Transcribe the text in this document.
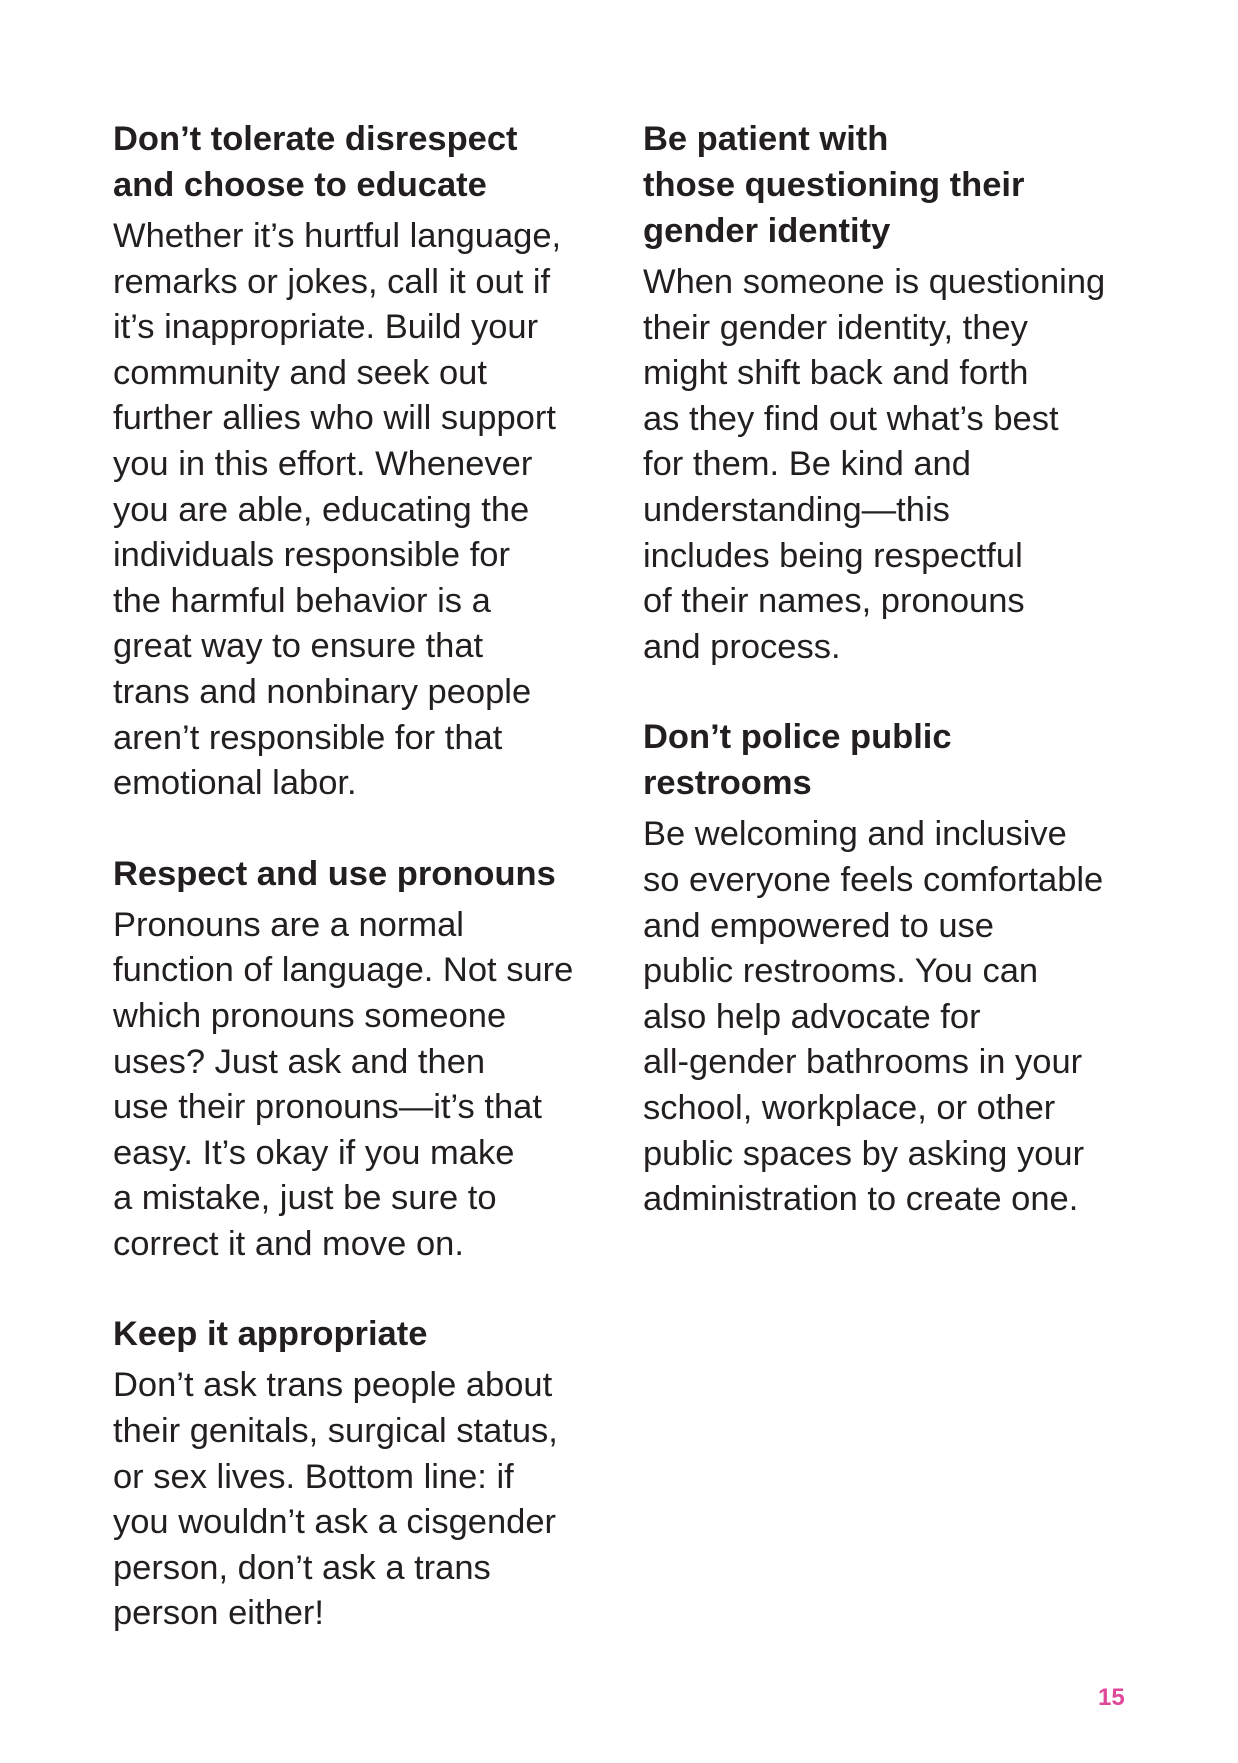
Don’t tolerate disrespect
and choose to educate

Whether it’s hurtful language,
remarks or jokes, call it out if
it’s inappropriate. Build your
community and seek out
further allies who will support
you in this effort. Whenever
you are able, educating the
individuals responsible for
the harmful behavior is a
great way to ensure that
trans and nonbinary people
aren’t responsible for that
emotional labor.

Respect and use pronouns

Pronouns are a normal
function of language. Not sure
which pronouns someone
uses? Just ask and then
use their pronouns—it’s that
easy. It’s okay if you make
a mistake, just be sure to
correct it and move on.

Keep it appropriate

Don’t ask trans people about
their genitals, surgical status,
or sex lives. Bottom line: if
you wouldn’t ask a cisgender
person, don’t ask a trans
person either!

Be patient with
those questioning their
gender identity

When someone is questioning
their gender identity, they
might shift back and forth
as they find out what’s best
for them. Be kind and
understanding—this
includes being respectful
of their names, pronouns
and process.

Don’t police public
restrooms

Be welcoming and inclusive
so everyone feels comfortable
and empowered to use
public restrooms. You can
also help advocate for
all-gender bathrooms in your
school, workplace, or other
public spaces by asking your
administration to create one.

15
